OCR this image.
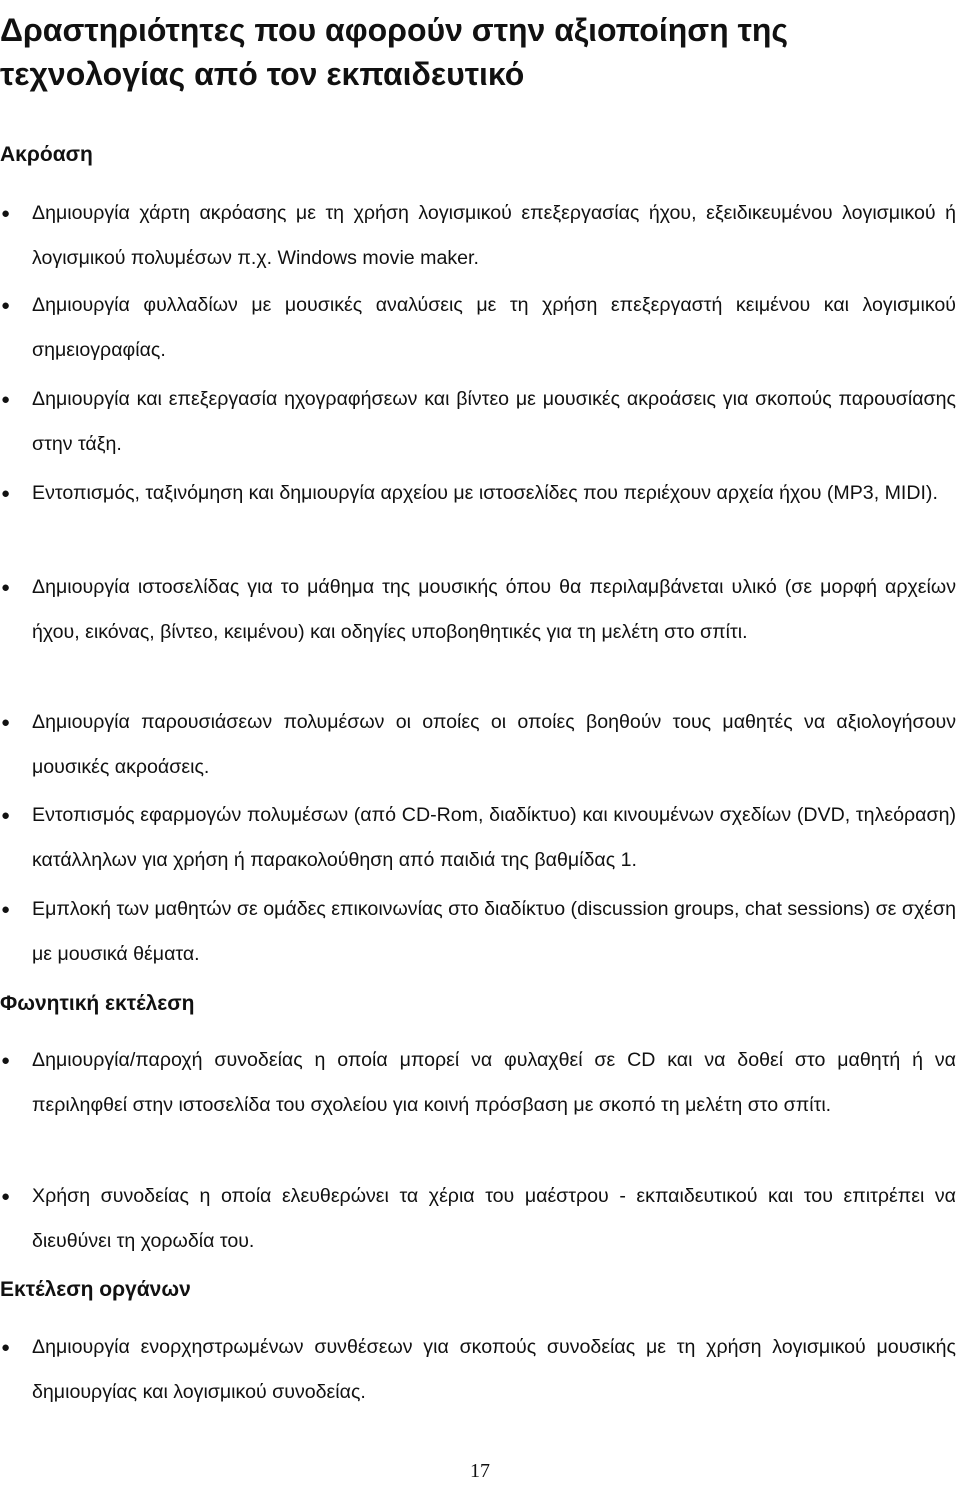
Δραστηριότητες που αφορούν στην αξιοποίηση της τεχνολογίας από τον εκπαιδευτικό
Ακρόαση

● Δημιουργία χάρτη ακρόασης με τη χρήση λογισμικού επεξεργασίας ήχου, εξειδικευμένου λογισμικού ή λογισμικού πολυμέσων π.χ. Windows movie maker.

● Δημιουργία φυλλαδίων με μουσικές αναλύσεις με τη χρήση επεξεργαστή κειμένου και λογισμικού σημειογραφίας.

● Δημιουργία και επεξεργασία ηχογραφήσεων και βίντεο με μουσικές ακροάσεις για σκοπούς παρουσίασης στην τάξη.

● Εντοπισμός, ταξινόμηση και δημιουργία αρχείου με ιστοσελίδες που περιέχουν αρχεία ήχου (MP3, MIDI).

● Δημιουργία ιστοσελίδας για το μάθημα της μουσικής όπου θα περιλαμβάνεται υλικό (σε μορφή αρχείων ήχου, εικόνας, βίντεο, κειμένου) και οδηγίες υποβοηθητικές για τη μελέτη στο σπίτι.

● Δημιουργία παρουσιάσεων πολυμέσων οι οποίες οι οποίες βοηθούν τους μαθητές να αξιολογήσουν μουσικές ακροάσεις.

● Εντοπισμός εφαρμογών πολυμέσων (από CD-Rom, διαδίκτυο) και κινουμένων σχεδίων (DVD, τηλεόραση) κατάλληλων για χρήση ή παρακολούθηση από παιδιά της βαθμίδας 1.

● Εμπλοκή των μαθητών σε ομάδες επικοινωνίας στο διαδίκτυο (discussion groups, chat sessions) σε σχέση με μουσικά θέματα.

Φωνητική εκτέλεση

● Δημιουργία/παροχή συνοδείας η οποία μπορεί να φυλαχθεί σε CD και να δοθεί στο μαθητή ή να περιληφθεί στην ιστοσελίδα του σχολείου για κοινή πρόσβαση με σκοπό τη μελέτη στο σπίτι.

● Χρήση συνοδείας η οποία ελευθερώνει τα χέρια του μαέστρου - εκπαιδευτικού και του επιτρέπει να διευθύνει τη χορωδία του.

Εκτέλεση οργάνων

● Δημιουργία ενορχηστρωμένων συνθέσεων για σκοπούς συνοδείας με τη χρήση λογισμικού μουσικής δημιουργίας και λογισμικού συνοδείας.

17
